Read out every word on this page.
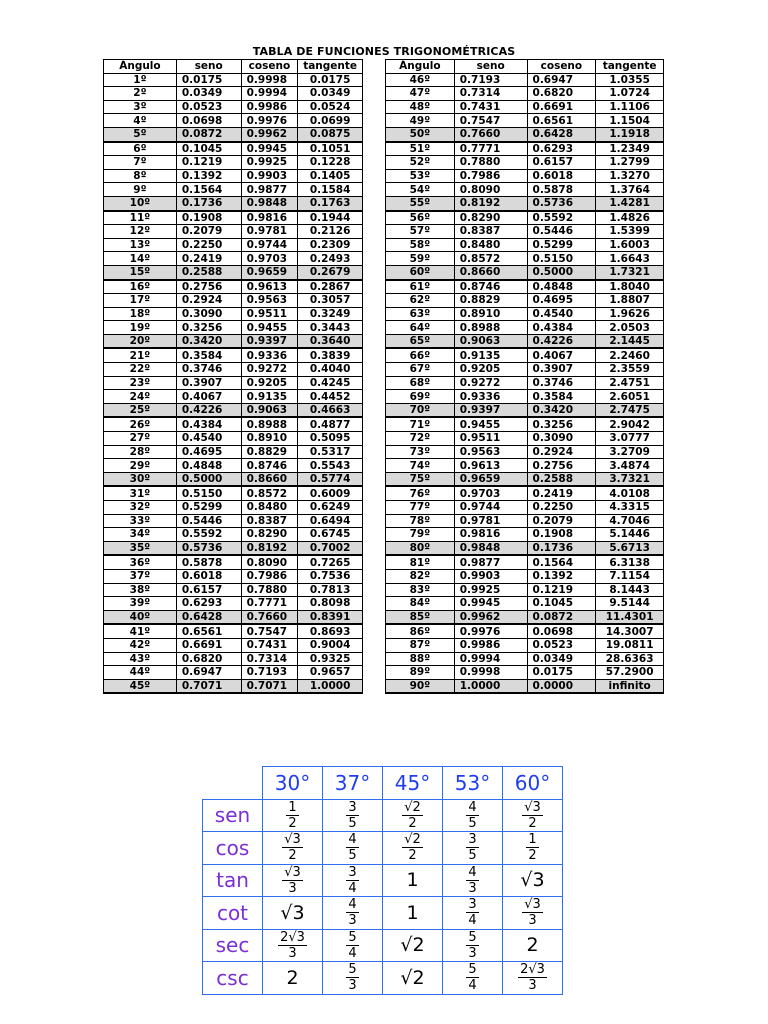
TABLA DE FUNCIONES TRIGONOMÉTRICAS
Ángulo	seno	coseno	tangente
1º	0.0175	0.9998	0.0175
2º	0.0349	0.9994	0.0349
3º	0.0523	0.9986	0.0524
4º	0.0698	0.9976	0.0699
5º	0.0872	0.9962	0.0875
6º	0.1045	0.9945	0.1051
7º	0.1219	0.9925	0.1228
8º	0.1392	0.9903	0.1405
9º	0.1564	0.9877	0.1584
10º	0.1736	0.9848	0.1763
11º	0.1908	0.9816	0.1944
12º	0.2079	0.9781	0.2126
13º	0.2250	0.9744	0.2309
14º	0.2419	0.9703	0.2493
15º	0.2588	0.9659	0.2679
16º	0.2756	0.9613	0.2867
17º	0.2924	0.9563	0.3057
18º	0.3090	0.9511	0.3249
19º	0.3256	0.9455	0.3443
20º	0.3420	0.9397	0.3640
21º	0.3584	0.9336	0.3839
22º	0.3746	0.9272	0.4040
23º	0.3907	0.9205	0.4245
24º	0.4067	0.9135	0.4452
25º	0.4226	0.9063	0.4663
26º	0.4384	0.8988	0.4877
27º	0.4540	0.8910	0.5095
28º	0.4695	0.8829	0.5317
29º	0.4848	0.8746	0.5543
30º	0.5000	0.8660	0.5774
31º	0.5150	0.8572	0.6009
32º	0.5299	0.8480	0.6249
33º	0.5446	0.8387	0.6494
34º	0.5592	0.8290	0.6745
35º	0.5736	0.8192	0.7002
36º	0.5878	0.8090	0.7265
37º	0.6018	0.7986	0.7536
38º	0.6157	0.7880	0.7813
39º	0.6293	0.7771	0.8098
40º	0.6428	0.7660	0.8391
41º	0.6561	0.7547	0.8693
42º	0.6691	0.7431	0.9004
43º	0.6820	0.7314	0.9325
44º	0.6947	0.7193	0.9657
45º	0.7071	0.7071	1.0000
Ángulo	seno	coseno	tangente
46º	0.7193	0.6947	1.0355
47º	0.7314	0.6820	1.0724
48º	0.7431	0.6691	1.1106
49º	0.7547	0.6561	1.1504
50º	0.7660	0.6428	1.1918
51º	0.7771	0.6293	1.2349
52º	0.7880	0.6157	1.2799
53º	0.7986	0.6018	1.3270
54º	0.8090	0.5878	1.3764
55º	0.8192	0.5736	1.4281
56º	0.8290	0.5592	1.4826
57º	0.8387	0.5446	1.5399
58º	0.8480	0.5299	1.6003
59º	0.8572	0.5150	1.6643
60º	0.8660	0.5000	1.7321
61º	0.8746	0.4848	1.8040
62º	0.8829	0.4695	1.8807
63º	0.8910	0.4540	1.9626
64º	0.8988	0.4384	2.0503
65º	0.9063	0.4226	2.1445
66º	0.9135	0.4067	2.2460
67º	0.9205	0.3907	2.3559
68º	0.9272	0.3746	2.4751
69º	0.9336	0.3584	2.6051
70º	0.9397	0.3420	2.7475
71º	0.9455	0.3256	2.9042
72º	0.9511	0.3090	3.0777
73º	0.9563	0.2924	3.2709
74º	0.9613	0.2756	3.4874
75º	0.9659	0.2588	3.7321
76º	0.9703	0.2419	4.0108
77º	0.9744	0.2250	4.3315
78º	0.9781	0.2079	4.7046
79º	0.9816	0.1908	5.1446
80º	0.9848	0.1736	5.6713
81º	0.9877	0.1564	6.3138
82º	0.9903	0.1392	7.1154
83º	0.9925	0.1219	8.1443
84º	0.9945	0.1045	9.5144
85º	0.9962	0.0872	11.4301
86º	0.9976	0.0698	14.3007
87º	0.9986	0.0523	19.0811
88º	0.9994	0.0349	28.6363
89º	0.9998	0.0175	57.2900
90º	1.0000	0.0000	infinito
	30°	37°	45°	53°	60°
sen	$\frac{1}{2}$	$\frac{3}{5}$	$\frac{√2}{2}$	$\frac{4}{5}$	$\frac{√3}{2}$

cos	$\frac{√3}{2}$	$\frac{4}{5}$	$\frac{√2}{2}$	$\frac{3}{5}$	$\frac{1}{2}$

tan	$\frac{√3}{3}$	$\frac{3}{4}$	1	$\frac{4}{3}$	√3
cot	√3	$\frac{4}{3}$	1	$\frac{3}{4}$	$\frac{√3}{3}$

sec	$\frac{2√3}{3}$	$\frac{5}{4}$	√2	$\frac{5}{3}$	2
csc	2	$\frac{5}{3}$	√2	$\frac{5}{4}$	$\frac{2√3}{3}$
